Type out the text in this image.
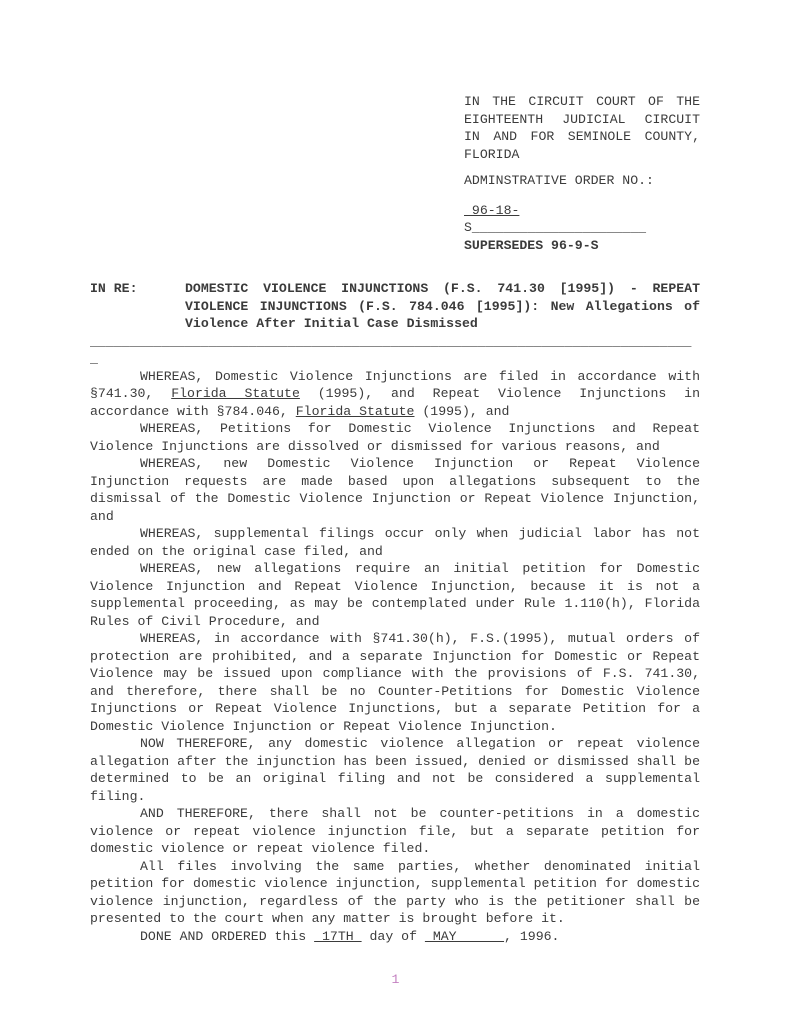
IN THE CIRCUIT COURT OF THE EIGHTEENTH JUDICIAL CIRCUIT IN AND FOR SEMINOLE COUNTY, FLORIDA

ADMINSTRATIVE ORDER NO.:

96-18-

S______________________

SUPERSEDES 96-9-S

IN RE:	DOMESTIC VIOLENCE INJUNCTIONS (F.S. 741.30 [1995]) - REPEAT VIOLENCE INJUNCTIONS (F.S. 784.046 [1995]): New Allegations of Violence After Initial Case Dismissed

____________________________________________________________________________

_

WHEREAS, Domestic Violence Injunctions are filed in accordance with §741.30, Florida Statute (1995), and Repeat Violence Injunctions in accordance with §784.046, Florida Statute (1995), and

WHEREAS, Petitions for Domestic Violence Injunctions and Repeat Violence Injunctions are dissolved or dismissed for various reasons, and

WHEREAS, new Domestic Violence Injunction or Repeat Violence Injunction requests are made based upon allegations subsequent to the dismissal of the Domestic Violence Injunction or Repeat Violence Injunction, and

WHEREAS, supplemental filings occur only when judicial labor has not ended on the original case filed, and

WHEREAS, new allegations require an initial petition for Domestic Violence Injunction and Repeat Violence Injunction, because it is not a supplemental proceeding, as may be contemplated under Rule 1.110(h), Florida Rules of Civil Procedure, and

WHEREAS, in accordance with §741.30(h), F.S.(1995), mutual orders of protection are prohibited, and a separate Injunction for Domestic or Repeat Violence may be issued upon compliance with the provisions of F.S. 741.30, and therefore, there shall be no Counter-Petitions for Domestic Violence Injunctions or Repeat Violence Injunctions, but a separate Petition for a Domestic Violence Injunction or Repeat Violence Injunction.

NOW THEREFORE, any domestic violence allegation or repeat violence allegation after the injunction has been issued, denied or dismissed shall be determined to be an original filing and not be considered a supplemental filing.

AND THEREFORE, there shall not be counter-petitions in a domestic violence or repeat violence injunction file, but a separate petition for domestic violence or repeat violence filed.

All files involving the same parties, whether denominated initial petition for domestic violence injunction, supplemental petition for domestic violence injunction, regardless of the party who is the petitioner shall be presented to the court when any matter is brought before it.

DONE AND ORDERED this  17TH  day of  MAY      , 1996.

1
